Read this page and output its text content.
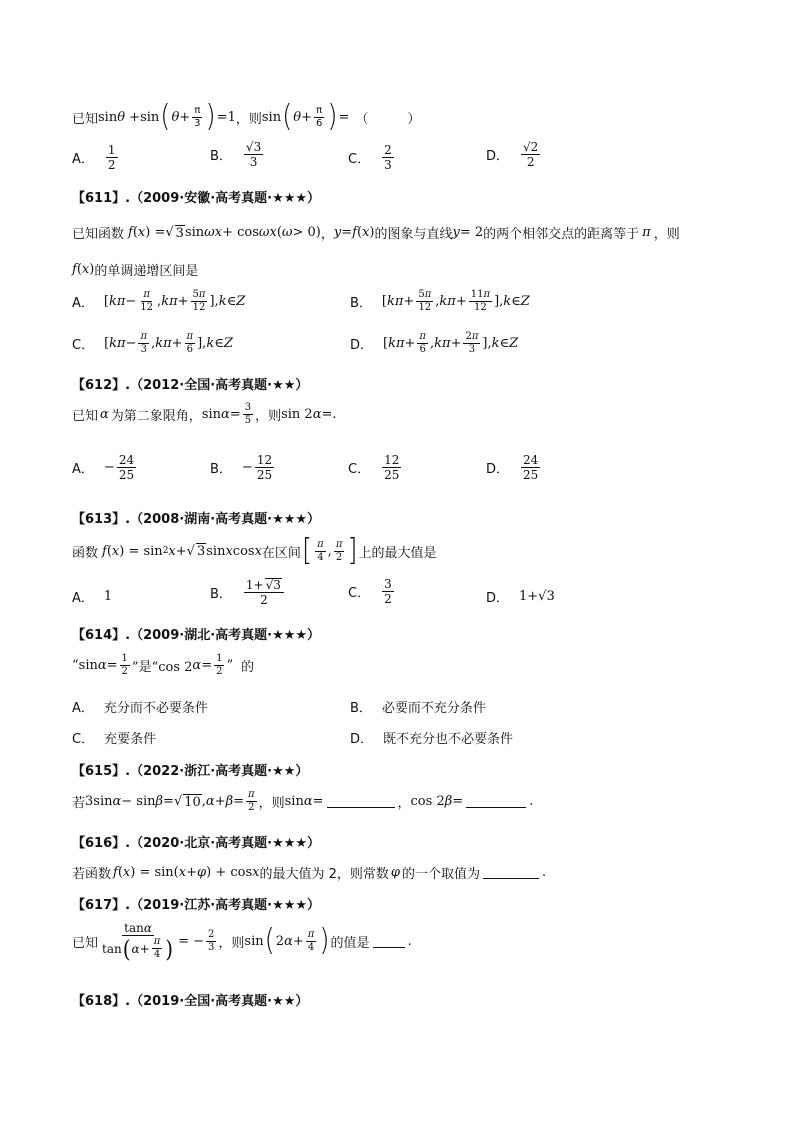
已知 sin θ +sin ( $\theta + \frac{\pi}{3}$ ) =1 ，则 sin ( $\theta + \frac{\pi}{6}$ ) = （　　　）
A． $\frac{1}{2}$	B． $\frac{√3}{3}$	C． $\frac{2}{3}$	D． $\frac{√2}{2}$
【611】.（2009·安徽·高考真题·★★★）
已知函数 f ( x ) = √ 3 sin ωx + cos ωx ( ω > 0) ， y = f ( x ) 的图象与直线 y = 2 的两个相邻交点的距离等于 π ，则
f ( x ) 的单调递增区间是
A． [ $k\pi - \frac{\pi}{12}$ , $k\pi + \frac{5\pi}{12}$ ], k ∈ Z	B． [ $k\pi + \frac{5\pi}{12}$ , $k\pi + \frac{11\pi}{12}$ ], k ∈ Z
C． [ $k\pi - \frac{\pi}{3}$ , $k\pi + \frac{\pi}{6}$ ], k ∈ Z	D． [ $k\pi + \frac{\pi}{6}$ , $k\pi + \frac{2\pi}{3}$ ], k ∈ Z
【612】.（2012·全国·高考真题·★★）
已知 α 为第二象限角， $\sin \alpha = \frac{3}{5}$ ，则 sin 2 α = .
A． − $\frac{24}{25}$	B． − $\frac{12}{25}$	C． $\frac{12}{25}$	D． $\frac{24}{25}$
【613】.（2008·湖南·高考真题·★★★）
函数 f ( x ) = sin 2 x + √ 3 sin x cos x 在区间 [ $\frac{\pi}{4}$ , $\frac{\pi}{2}$ ] 上的最大值是
A． 1	B． $\frac{1+ √3}{2}$	C． $\frac{3}{2}$	D． 1+√3
【614】.（2009·湖北·高考真题·★★★）
“sin $\alpha = \frac{1}{2}$ ”是“cos 2 $\alpha = \frac{1}{2}$ ” 的
A． 充分而不必要条件	B． 必要而不充分条件
C． 充要条件	D． 既不充分也不必要条件
【615】.（2022·浙江·高考真题·★★）
若 3sin α − sin β = √ 10 , $\alpha + \beta = \frac{\pi}{2}$ ，则 sin α =	， cos 2 β =	.
【616】.（2020·北京·高考真题·★★★）
若函数 f ( x ) = sin( x + φ ) + cos x 的最大值为 2，则常数 φ 的一个取值为	.
【617】.（2019·江苏·高考真题·★★★）
已知 $\frac{\tan\alpha}{\tan ( \alpha + \frac{\pi}{4} )}$ = − $\frac{2}{3}$ ，则 sin ( 2 $\alpha + \frac{\pi}{4}$ ) 的值是	.
【618】.（2019·全国·高考真题·★★）
